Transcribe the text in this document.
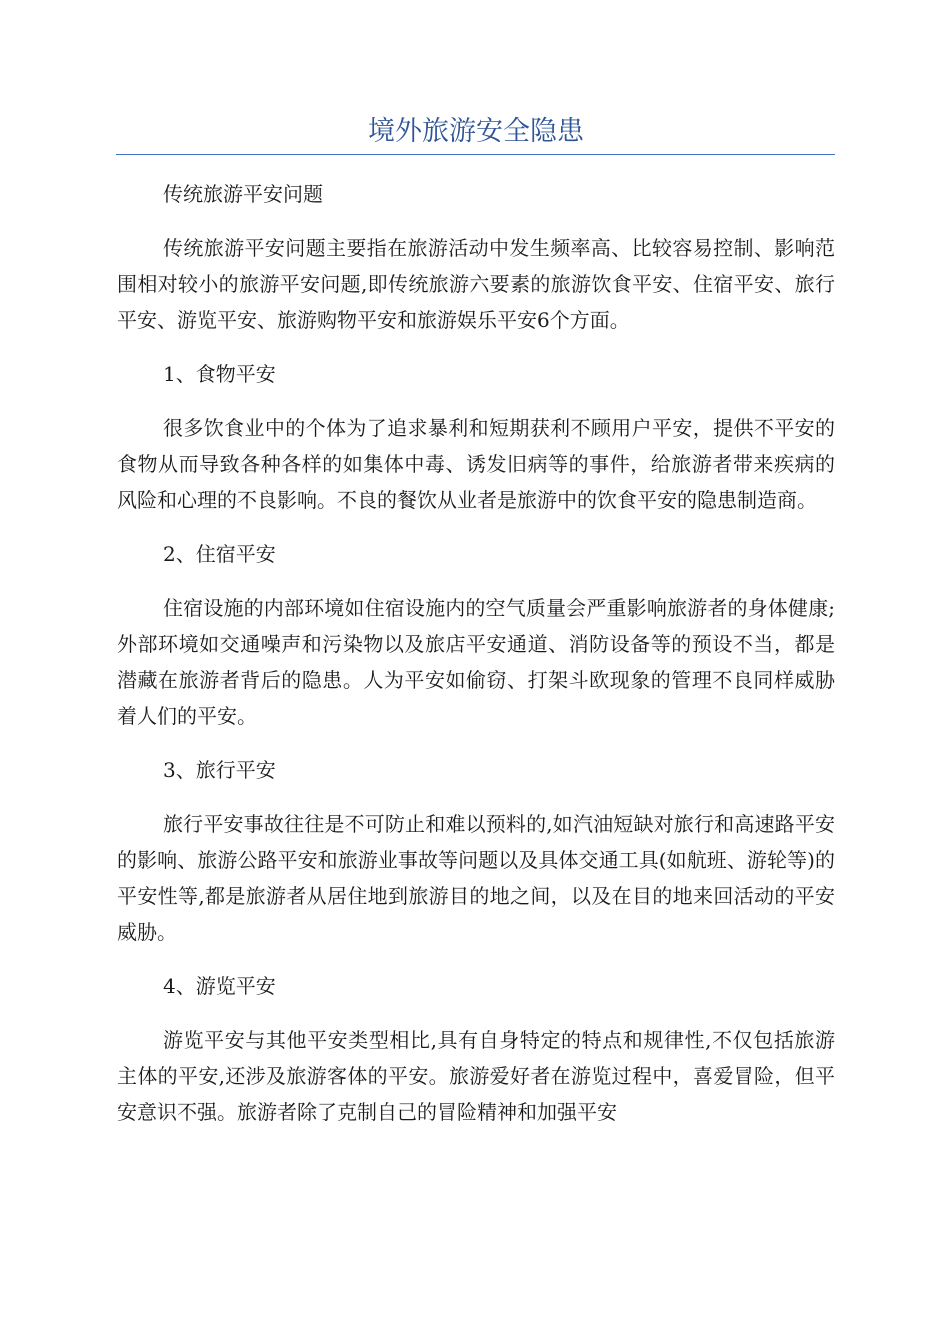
境外旅游安全隐患

传统旅游平安问题

传统旅游平安问题主要指在旅游活动中发生频率高、比较容易控制、影响范围相对较小的旅游平安问题,即传统旅游六要素的旅游饮食平安、住宿平安、旅行平安、游览平安、旅游购物平安和旅游娱乐平安6个方面。

1、食物平安

很多饮食业中的个体为了追求暴利和短期获利不顾用户平安，提供不平安的食物从而导致各种各样的如集体中毒、诱发旧病等的事件，给旅游者带来疾病的风险和心理的不良影响。不良的餐饮从业者是旅游中的饮食平安的隐患制造商。

2、住宿平安

住宿设施的内部环境如住宿设施内的空气质量会严重影响旅游者的身体健康;外部环境如交通噪声和污染物以及旅店平安通道、消防设备等的预设不当，都是潜藏在旅游者背后的隐患。人为平安如偷窃、打架斗欧现象的管理不良同样威胁着人们的平安。

3、旅行平安

旅行平安事故往往是不可防止和难以预料的,如汽油短缺对旅行和高速路平安的影响、旅游公路平安和旅游业事故等问题以及具体交通工具(如航班、游轮等)的平安性等,都是旅游者从居住地到旅游目的地之间，以及在目的地来回活动的平安威胁。

4、游览平安

游览平安与其他平安类型相比,具有自身特定的特点和规律性,不仅包括旅游主体的平安,还涉及旅游客体的平安。旅游爱好者在游览过程中，喜爱冒险，但平安意识不强。旅游者除了克制自己的冒险精神和加强平安
